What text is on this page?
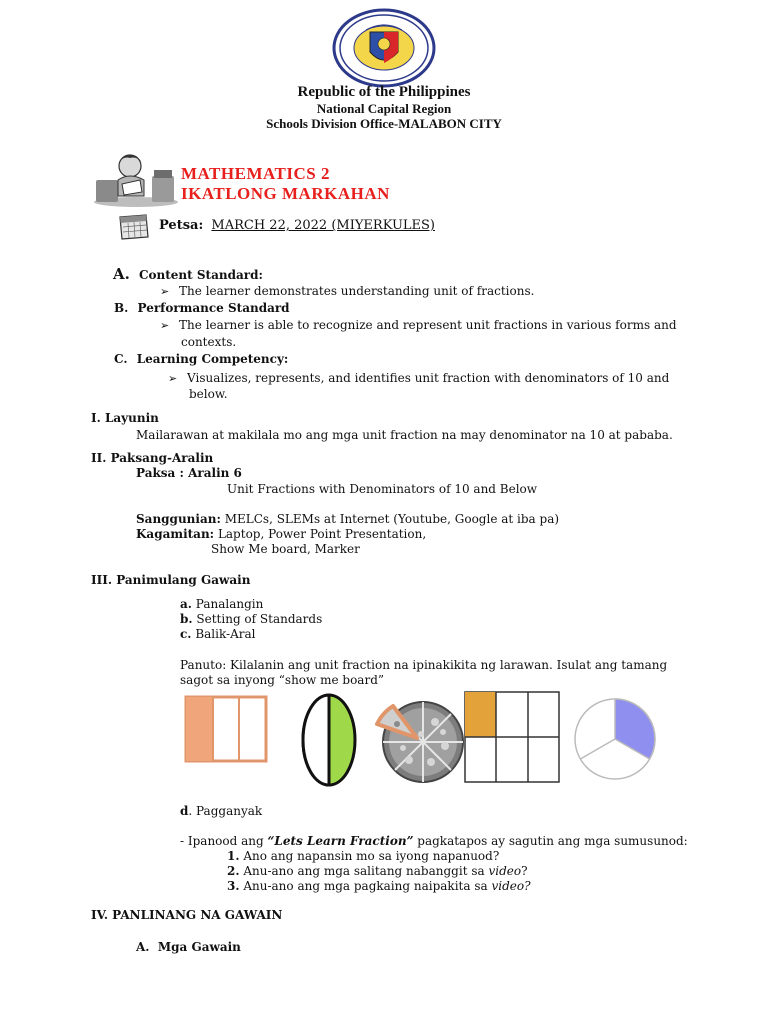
Republic of the Philippines
National Capital Region
Schools Division Office-MALABON CITY
MATHEMATICS 2
IKATLONG MARKAHAN
Petsa: MARCH 22, 2022 (MIYERKULES)
A. Content Standard:
➢ The learner demonstrates understanding unit of fractions.
B. Performance Standard
➢ The learner is able to recognize and represent unit fractions in various forms and
contexts.
C. Learning Competency:
➢ Visualizes, represents, and identifies unit fraction with denominators of 10 and
below.
I. Layunin
Mailarawan at makilala mo ang mga unit fraction na may denominator na 10 at pababa.
II. Paksang-Aralin
Paksa : Aralin 6
Unit Fractions with Denominators of 10 and Below
Sanggunian: MELCs, SLEMs at Internet (Youtube, Google at iba pa)
Kagamitan: Laptop, Power Point Presentation,
Show Me board, Marker
III. Panimulang Gawain
a. Panalangin
b. Setting of Standards
c. Balik-Aral
Panuto: Kilalanin ang unit fraction na ipinakikita ng larawan. Isulat ang tamang
sagot sa inyong “show me board”
d. Pagganyak
- Ipanood ang “Lets Learn Fraction” pagkatapos ay sagutin ang mga sumusunod:
1. Ano ang napansin mo sa iyong napanuod?
2. Anu-ano ang mga salitang nabanggit sa video?
3. Anu-ano ang mga pagkaing naipakita sa video?
IV. PANLINANG NA GAWAIN
A.  Mga Gawain
